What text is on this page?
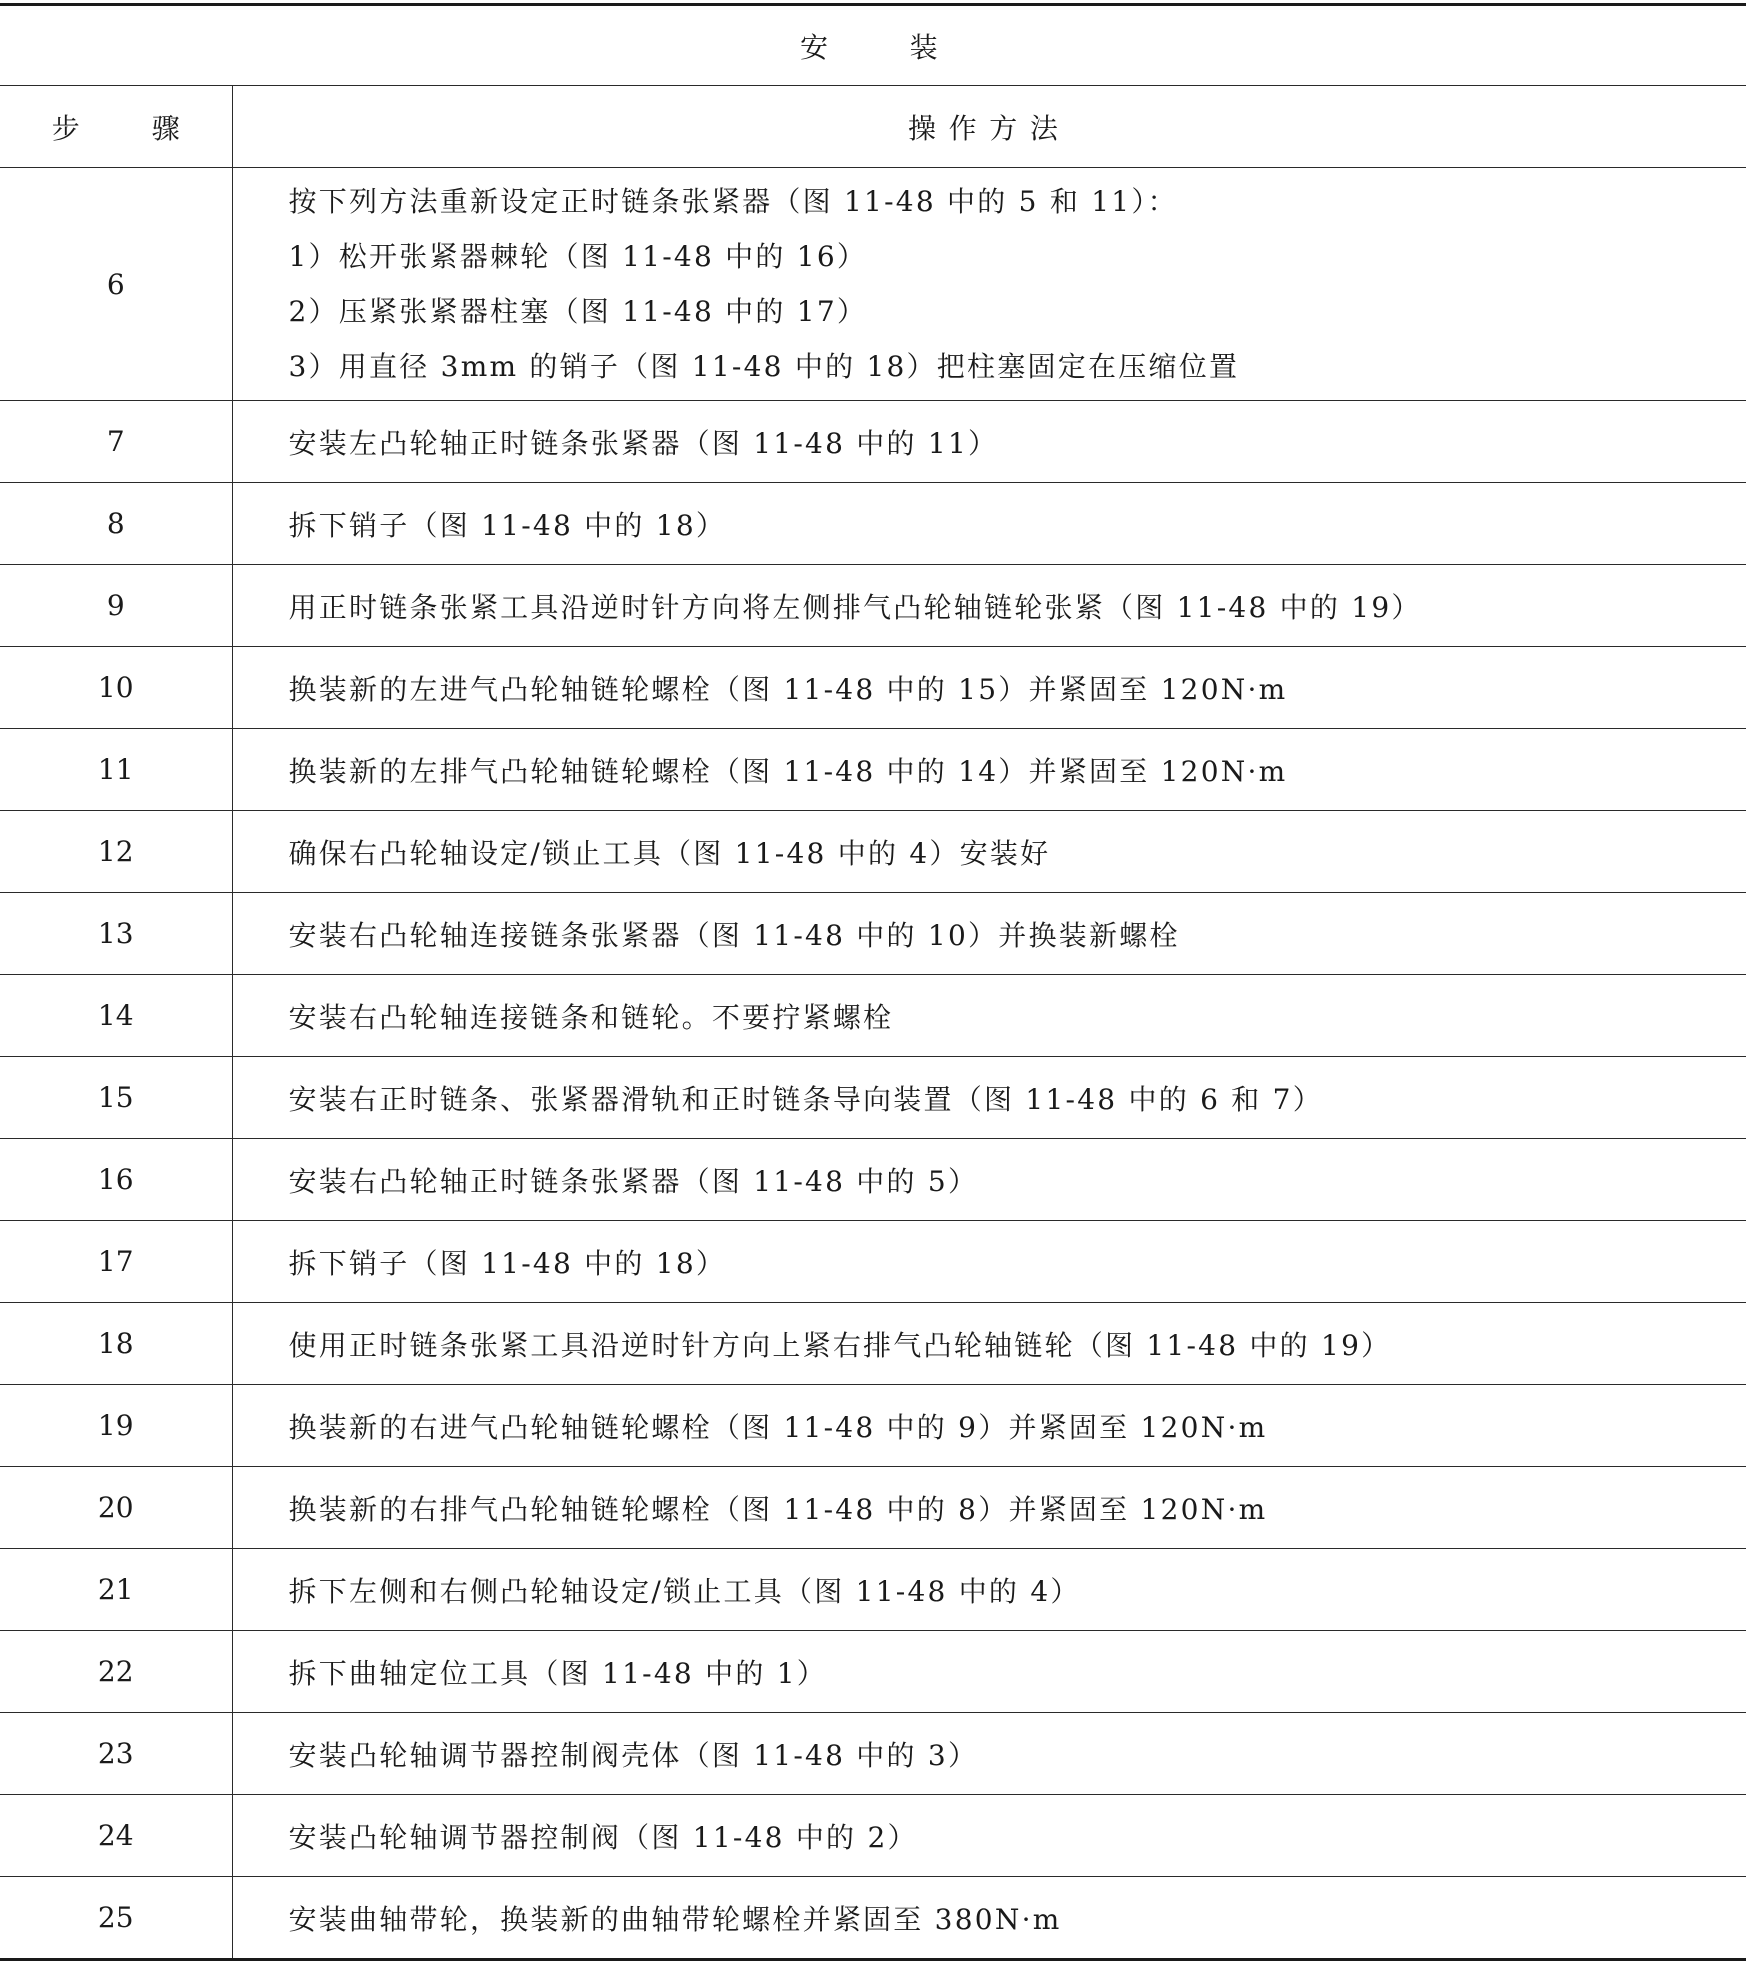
安 装	
步 骤	操作方法
6	按下列方法重新设定正时链条张紧器（图 11-48 中的 5 和 11）：
1）松开张紧器棘轮（图 11-48 中的 16）
2）压紧张紧器柱塞（图 11-48 中的 17）
3）用直径 3mm 的销子（图 11-48 中的 18）把柱塞固定在压缩位置

7	安装左凸轮轴正时链条张紧器（图 11-48 中的 11）
8	拆下销子（图 11-48 中的 18）
9	用正时链条张紧工具沿逆时针方向将左侧排气凸轮轴链轮张紧（图 11-48 中的 19）
10	换装新的左进气凸轮轴链轮螺栓（图 11-48 中的 15）并紧固至 120N·m
11	换装新的左排气凸轮轴链轮螺栓（图 11-48 中的 14）并紧固至 120N·m
12	确保右凸轮轴设定/锁止工具（图 11-48 中的 4）安装好
13	安装右凸轮轴连接链条张紧器（图 11-48 中的 10）并换装新螺栓
14	安装右凸轮轴连接链条和链轮。不要拧紧螺栓
15	安装右正时链条、张紧器滑轨和正时链条导向装置（图 11-48 中的 6 和 7）
16	安装右凸轮轴正时链条张紧器（图 11-48 中的 5）
17	拆下销子（图 11-48 中的 18）
18	使用正时链条张紧工具沿逆时针方向上紧右排气凸轮轴链轮（图 11-48 中的 19）
19	换装新的右进气凸轮轴链轮螺栓（图 11-48 中的 9）并紧固至 120N·m
20	换装新的右排气凸轮轴链轮螺栓（图 11-48 中的 8）并紧固至 120N·m
21	拆下左侧和右侧凸轮轴设定/锁止工具（图 11-48 中的 4）
22	拆下曲轴定位工具（图 11-48 中的 1）
23	安装凸轮轴调节器控制阀壳体（图 11-48 中的 3）
24	安装凸轮轴调节器控制阀（图 11-48 中的 2）
25	安装曲轴带轮，换装新的曲轴带轮螺栓并紧固至 380N·m
